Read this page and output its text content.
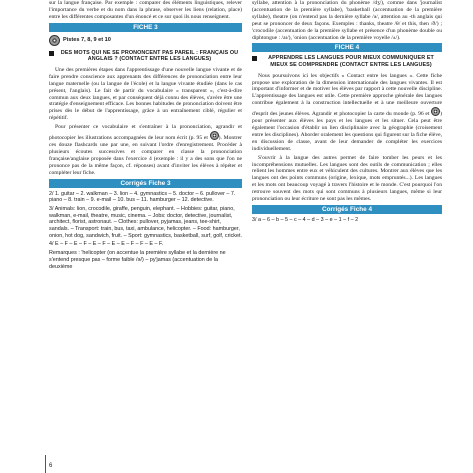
sur la langue française. Par exemple : comparer des éléments linguistiques, relever l'importance du verbe et du nom dans la phrase, observer les liens (relation, place) entre les différentes composantes d'un énoncé et ce sur quoi ils nous renseignent.

FICHE 3
Pistes 7, 8, 9 et 10
DES MOTS QUI NE SE PRONONCENT PAS PAREIL : FRANÇAIS OU ANGLAIS ? (CONTACT ENTRE LES LANGUES)

Une des premières étapes dans l'apprentissage d'une nouvelle langue vivante et de faire prendre conscience aux apprenants des différences de prononciation entre leur langue maternelle (ou la langue de l'école) et la langue vivante étudiée (dans le cas présent, l'anglais). Le fait de partir du vocabulaire « transparent », c'est-à-dire commun aux deux langues, et par conséquent déjà connu des élèves, s'avère être une stratégie d'enseignement efficace. Les bonnes habitudes de prononciation doivent être prises dès le début de l'apprentissage, grâce à un entraînement ciblé, régulier et répétitif.

Pour présenter ce vocabulaire et s'entraîner à la prononciation, agrandir et photocopier les illustrations accompagnées de leur nom écrit (p. 95 et ). Montrer ces douze flashcards une par une, en suivant l'ordre d'enregistrement. Procéder à plusieurs écoutes successives et comparer en classe la prononciation française/anglaise proposée dans l'exercice 4 (exemple : il y a des sons que l'on ne prononce pas de la même façon, cf. réponses) avant d'inviter les élèves à répéter et compléter leur fiche.

Corrigés Fiche 3

2/ 1. guitar – 2. walkman – 3. lion – 4. gymnastics – 5. doctor – 6. pullover – 7. piano – 8. train – 9. e-mail – 10. bus – 11. hamburger – 12. detective.

3/ Animals: lion, crocodile, giraffe, penguin, elephant. – Hobbies: guitar, piano, walkman, e-mail, theatre, music, cinema. – Jobs: doctor, detective, journalist, architect, florist, astronaut. – Clothes: pullover, pyjamas, jeans, tee-shirt, sandals. – Transport: train, bus, taxi, ambulance, helicopter. – Food: hamburger, onion, hot dog, sandwich, fruit. – Sport: gymnastics, basketball, surf, golf, cricket.

4/ E – F – E – F – E – F – E – E – F – F – E – F.

Remarques : 'helicopter (on accentue la première syllabe et la dernière ne s'entend presque pas – forme faible /ə/) – py'jamas (accentuation de la deuxième

syllabe, attention à la prononciation du phonème /dʒ/), comme dans 'journalist (accentuation de la première syllabe), 'basketball (accentuation de la première syllabe), theatre (on n'entend pas la dernière syllabe /ə/, attention au -th anglais qui peut se prononcer de deux façons. Exemples : thanks, theatre /θ/ et this, then /ð/) ; 'crocodile (accentuation de la première syllabe et présence d'un phonème double ou diphtongue : /aɪ/), 'onion (accentuation de la première voyelle /ʌ/).

FICHE 4
APPRENDRE LES LANGUES POUR MIEUX COMMUNIQUER ET MIEUX SE COMPRENDRE (CONTACT ENTRE LES LANGUES)

Nous poursuivons ici les objectifs « Contact entre les langues ». Cette fiche propose une exploration de la dimension internationale des langues vivantes. Il est important d'informer et de motiver les élèves par rapport à cette nouvelle discipline. L'apprentissage des langues est utile. Cette première approche générale des langues contribue également à la construction intellectuelle et à une meilleure ouverture d'esprit des jeunes élèves. Agrandir et photocopier la carte du monde (p. 96 et ) pour présenter aux élèves les pays et les langues et les situer. Cela peut être également l'occasion d'établir un lien disciplinaire avec la géographie (croisement entre les disciplines). Aborder oralement les questions qui figurent sur la fiche élève, en discussion de classe, avant de leur demander de compléter les exercices individuellement.

S'ouvrir à la langue des autres permet de faire tomber les peurs et les incompréhensions mutuelles. Les langues sont des outils de communication ; elles relient les hommes entre eux et véhiculent des cultures. Montrer aux élèves que les langues ont des points communs (origine, lexique, mots empruntés...). Les langues et les mots ont beaucoup voyagé à travers l'histoire et le monde. C'est pourquoi l'on retrouve souvent des mots qui sont communs à plusieurs langues, même si leur prononciation ou leur écriture ne sont pas les mêmes.

Corrigés Fiche 4

3/ a – 6 – b – 5 – c – 4 – d – 3 – e – 1 – f – 2

6
